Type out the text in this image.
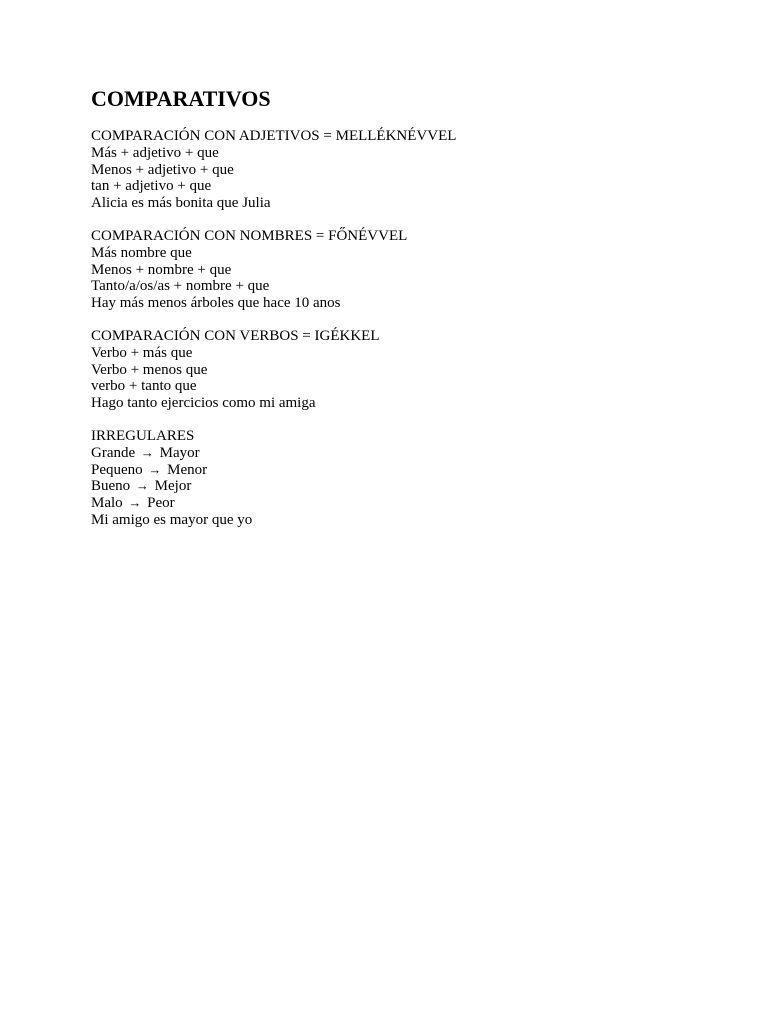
COMPARATIVOS
COMPARACIÓN CON ADJETIVOS = MELLÉKNÉVVEL
Más + adjetivo + que
Menos + adjetivo + que
tan + adjetivo + que
Alicia es más bonita que Julia
COMPARACIÓN CON NOMBRES = FŐNÉVVEL
Más nombre que
Menos + nombre + que
Tanto/a/os/as + nombre + que
Hay más menos árboles que hace 10 anos
COMPARACIÓN CON VERBOS = IGÉKKEL
Verbo + más que
Verbo + menos que
verbo + tanto que
Hago tanto ejercicios como mi amiga
IRREGULARES
Grande → Mayor
Pequeno → Menor
Bueno → Mejor
Malo → Peor
Mi amigo es mayor que yo
